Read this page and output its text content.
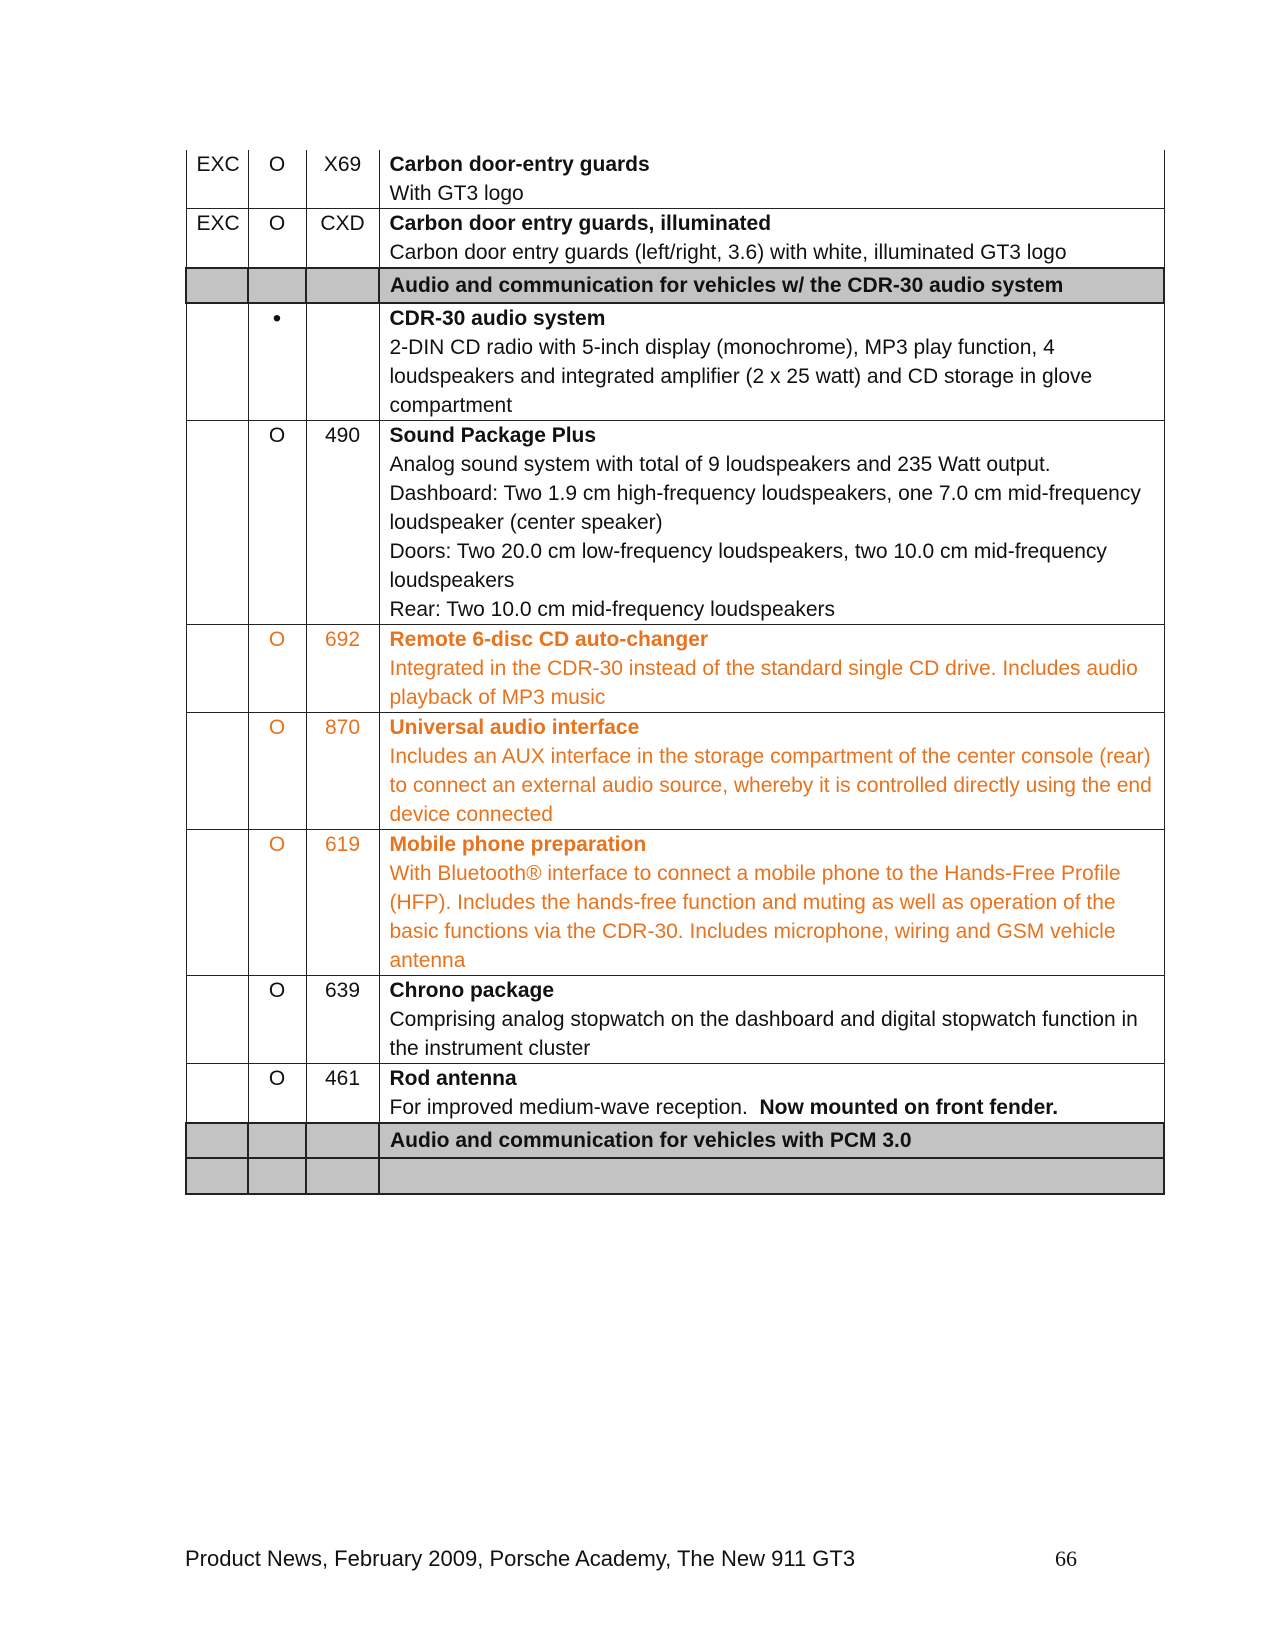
EXC	O	X69	Carbon door-entry guards
With GT3 logo

EXC	O	CXD	Carbon door entry guards, illuminated
Carbon door entry guards (left/right, 3.6) with white, illuminated GT3 logo

			Audio and communication for vehicles w/ the CDR-30 audio system

	•		CDR-30 audio system
2-DIN CD radio with 5-inch display (monochrome), MP3 play function, 4 loudspeakers and integrated amplifier (2 x 25 watt) and CD storage in glove compartment

	O	490	Sound Package Plus
Analog sound system with total of 9 loudspeakers and 235 Watt output.
Dashboard: Two 1.9 cm high-frequency loudspeakers, one 7.0 cm mid-frequency loudspeaker (center speaker)
Doors: Two 20.0 cm low-frequency loudspeakers, two 10.0 cm mid-frequency loudspeakers
Rear: Two 10.0 cm mid-frequency loudspeakers

	O	692	Remote 6-disc CD auto-changer
Integrated in the CDR-30 instead of the standard single CD drive. Includes audio playback of MP3 music

	O	870	Universal audio interface
Includes an AUX interface in the storage compartment of the center console (rear) to connect an external audio source, whereby it is controlled directly using the end device connected

	O	619	Mobile phone preparation
With Bluetooth® interface to connect a mobile phone to the Hands-Free Profile (HFP). Includes the hands-free function and muting as well as operation of the basic functions via the CDR-30. Includes microphone, wiring and GSM vehicle antenna

	O	639	Chrono package
Comprising analog stopwatch on the dashboard and digital stopwatch function in the instrument cluster

	O	461	Rod antenna
For improved medium-wave reception. Now mounted on front fender.

			Audio and communication for vehicles with PCM 3.0

Product News, February 2009, Porsche Academy, The New 911 GT3	66
